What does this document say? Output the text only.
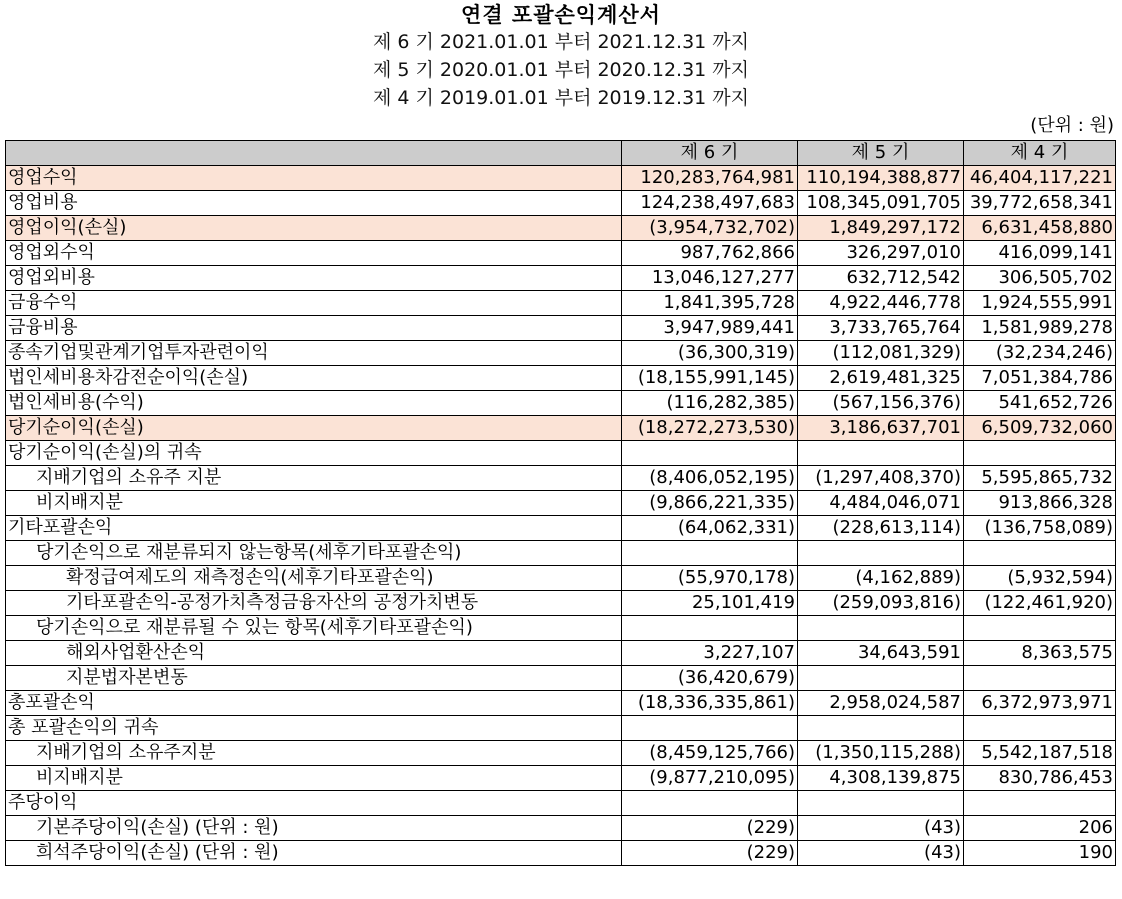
연결 포괄손익계산서
제 6 기 2021.01.01 부터 2021.12.31 까지
제 5 기 2020.01.01 부터 2020.12.31 까지
제 4 기 2019.01.01 부터 2019.12.31 까지
(단위 : 원)
	제 6 기	제 5 기	제 4 기
영업수익	120,283,764,981	110,194,388,877	46,404,117,221
영업비용	124,238,497,683	108,345,091,705	39,772,658,341
영업이익(손실)	(3,954,732,702)	1,849,297,172	6,631,458,880
영업외수익	987,762,866	326,297,010	416,099,141
영업외비용	13,046,127,277	632,712,542	306,505,702
금융수익	1,841,395,728	4,922,446,778	1,924,555,991
금융비용	3,947,989,441	3,733,765,764	1,581,989,278
종속기업및관계기업투자관련이익	(36,300,319)	(112,081,329)	(32,234,246)
법인세비용차감전순이익(손실)	(18,155,991,145)	2,619,481,325	7,051,384,786
법인세비용(수익)	(116,282,385)	(567,156,376)	541,652,726
당기순이익(손실)	(18,272,273,530)	3,186,637,701	6,509,732,060
당기순이익(손실)의 귀속			
지배기업의 소유주 지분	(8,406,052,195)	(1,297,408,370)	5,595,865,732
비지배지분	(9,866,221,335)	4,484,046,071	913,866,328
기타포괄손익	(64,062,331)	(228,613,114)	(136,758,089)
당기손익으로 재분류되지 않는항목(세후기타포괄손익)			
확정급여제도의 재측정손익(세후기타포괄손익)	(55,970,178)	(4,162,889)	(5,932,594)
기타포괄손익-공정가치측정금융자산의 공정가치변동	25,101,419	(259,093,816)	(122,461,920)
당기손익으로 재분류될 수 있는 항목(세후기타포괄손익)			
해외사업환산손익	3,227,107	34,643,591	8,363,575
지분법자본변동	(36,420,679)		
총포괄손익	(18,336,335,861)	2,958,024,587	6,372,973,971
총 포괄손익의 귀속			
지배기업의 소유주지분	(8,459,125,766)	(1,350,115,288)	5,542,187,518
비지배지분	(9,877,210,095)	4,308,139,875	830,786,453
주당이익			
기본주당이익(손실) (단위 : 원)	(229)	(43)	206
희석주당이익(손실) (단위 : 원)	(229)	(43)	190
